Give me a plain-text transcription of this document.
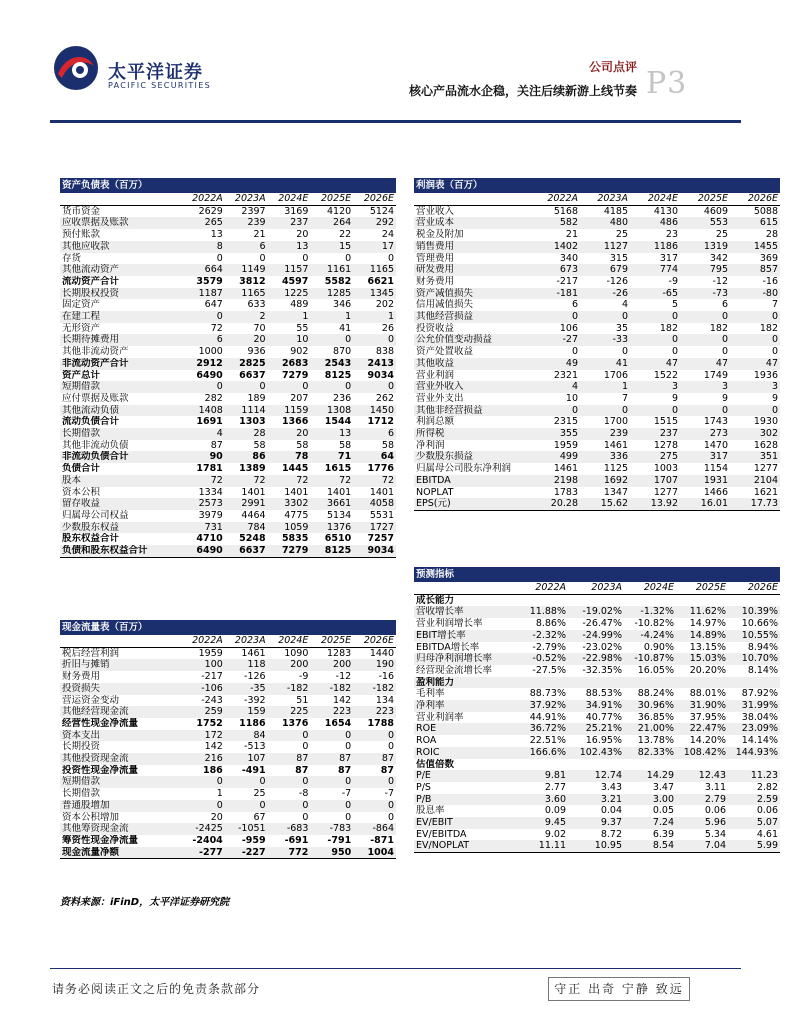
太平洋证券
PACIFIC SECURITIES
公司点评
核心产品流水企稳，关注后续新游上线节奏 P3
资产负债表（百万）					
	2022A	2023A	2024E	2025E	2026E
货币资金	2629	2397	3169	4120	5124
应收票据及账款	265	239	237	264	292
预付账款	13	21	20	22	24
其他应收款	8	6	13	15	17
存货	0	0	0	0	0
其他流动资产	664	1149	1157	1161	1165
流动资产合计	3579	3812	4597	5582	6621
长期股权投资	1187	1165	1225	1285	1345
固定资产	647	633	489	346	202
在建工程	0	2	1	1	1
无形资产	72	70	55	41	26
长期待摊费用	6	20	10	0	0
其他非流动资产	1000	936	902	870	838
非流动资产合计	2912	2825	2683	2543	2413
资产总计	6490	6637	7279	8125	9034
短期借款	0	0	0	0	0
应付票据及账款	282	189	207	236	262
其他流动负债	1408	1114	1159	1308	1450
流动负债合计	1691	1303	1366	1544	1712
长期借款	4	28	20	13	6
其他非流动负债	87	58	58	58	58
非流动负债合计	90	86	78	71	64
负债合计	1781	1389	1445	1615	1776
股本	72	72	72	72	72
资本公积	1334	1401	1401	1401	1401
留存收益	2573	2991	3302	3661	4058
归属母公司权益	3979	4464	4775	5134	5531
少数股东权益	731	784	1059	1376	1727
股东权益合计	4710	5248	5835	6510	7257
负债和股东权益合计	6490	6637	7279	8125	9034
现金流量表（百万）					
	2022A	2023A	2024E	2025E	2026E
税后经营利润	1959	1461	1090	1283	1440
折旧与摊销	100	118	200	200	190
财务费用	-217	-126	-9	-12	-16
投资损失	-106	-35	-182	-182	-182
营运资金变动	-243	-392	51	142	134
其他经营现金流	259	159	225	223	223
经营性现金净流量	1752	1186	1376	1654	1788
资本支出	172	84	0	0	0
长期投资	142	-513	0	0	0
其他投资现金流	216	107	87	87	87
投资性现金净流量	186	-491	87	87	87
短期借款	0	0	0	0	0
长期借款	1	25	-8	-7	-7
普通股增加	0	0	0	0	0
资本公积增加	20	67	0	0	0
其他筹资现金流	-2425	-1051	-683	-783	-864
筹资性现金净流量	-2404	-959	-691	-791	-871
现金流量净额	-277	-227	772	950	1004
利润表（百万）					
	2022A	2023A	2024E	2025E	2026E
营业收入	5168	4185	4130	4609	5088
营业成本	582	480	486	553	615
税金及附加	21	25	23	25	28
销售费用	1402	1127	1186	1319	1455
管理费用	340	315	317	342	369
研发费用	673	679	774	795	857
财务费用	-217	-126	-9	-12	-16
资产减值损失	-181	-26	-65	-73	-80
信用减值损失	6	4	5	6	7
其他经营损益	0	0	0	0	0
投资收益	106	35	182	182	182
公允价值变动损益	-27	-33	0	0	0
资产处置收益	0	0	0	0	0
其他收益	49	41	47	47	47
营业利润	2321	1706	1522	1749	1936
营业外收入	4	1	3	3	3
营业外支出	10	7	9	9	9
其他非经营损益	0	0	0	0	0
利润总额	2315	1700	1515	1743	1930
所得税	355	239	237	273	302
净利润	1959	1461	1278	1470	1628
少数股东损益	499	336	275	317	351
归属母公司股东净利润	1461	1125	1003	1154	1277
EBITDA	2198	1692	1707	1931	2104
NOPLAT	1783	1347	1277	1466	1621
EPS(元)	20.28	15.62	13.92	16.01	17.73
预测指标					
	2022A	2023A	2024E	2025E	2026E
成长能力					
营收增长率	11.88%	-19.02%	-1.32%	11.62%	10.39%
营业利润增长率	8.86%	-26.47%	-10.82%	14.97%	10.66%
EBIT增长率	-2.32%	-24.99%	-4.24%	14.89%	10.55%
EBITDA增长率	-2.79%	-23.02%	0.90%	13.15%	8.94%
归母净利润增长率	-0.52%	-22.98%	-10.87%	15.03%	10.70%
经营现金流增长率	-27.5%	-32.35%	16.05%	20.20%	8.14%
盈利能力					
毛利率	88.73%	88.53%	88.24%	88.01%	87.92%
净利率	37.92%	34.91%	30.96%	31.90%	31.99%
营业利润率	44.91%	40.77%	36.85%	37.95%	38.04%
ROE	36.72%	25.21%	21.00%	22.47%	23.09%
ROA	22.51%	16.95%	13.78%	14.20%	14.14%
ROIC	166.6%	102.43%	82.33%	108.42%	144.93%
估值倍数					
P/E	9.81	12.74	14.29	12.43	11.23
P/S	2.77	3.43	3.47	3.11	2.82
P/B	3.60	3.21	3.00	2.79	2.59
股息率	0.09	0.04	0.05	0.06	0.06
EV/EBIT	9.45	9.37	7.24	5.96	5.07
EV/EBITDA	9.02	8.72	6.39	5.34	4.61
EV/NOPLAT	11.11	10.95	8.54	7.04	5.99
资料来源：iFinD，太平洋证券研究院
请务必阅读正文之后的免责条款部分	守正 出奇 宁静 致远
